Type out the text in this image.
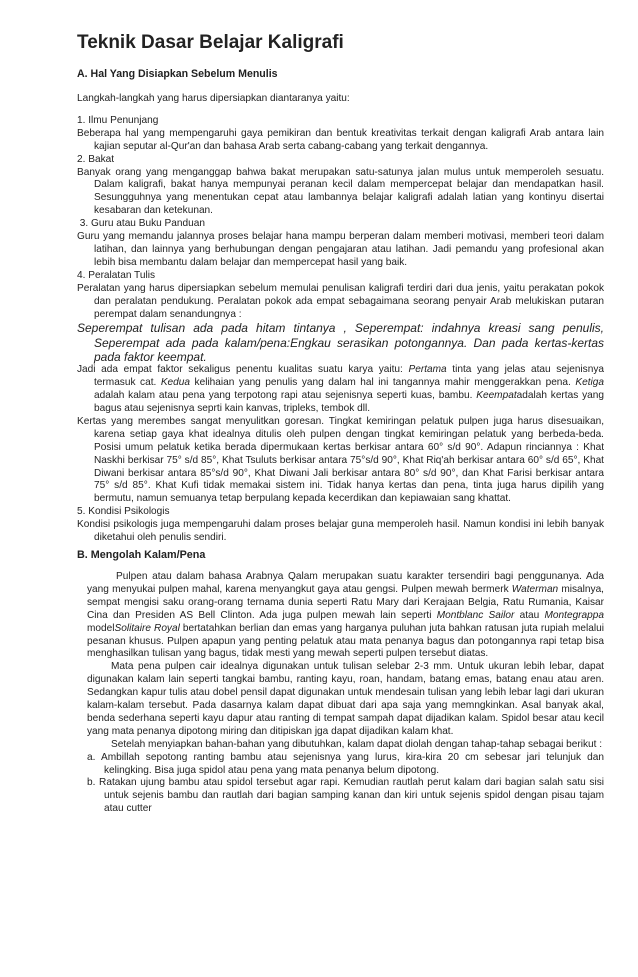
Teknik Dasar Belajar Kaligrafi
A. Hal Yang Disiapkan Sebelum Menulis

Langkah-langkah yang harus dipersiapkan diantaranya yaitu:

1. Ilmu Penunjang

Beberapa hal yang mempengaruhi gaya pemikiran dan bentuk kreativitas terkait dengan kaligrafi Arab antara lain kajian seputar al-Qur'an dan bahasa Arab serta cabang-cabang yang terkait dengannya.

2. Bakat

Banyak orang yang menganggap bahwa bakat merupakan satu-satunya jalan mulus untuk memperoleh sesuatu. Dalam kaligrafi, bakat hanya mempunyai peranan kecil dalam mempercepat belajar dan mendapatkan hasil. Sesungguhnya yang menentukan cepat atau lambannya belajar kaligrafi adalah latian yang kontinyu disertai kesabaran dan ketekunan.

3. Guru atau Buku Panduan

Guru yang memandu jalannya proses belajar hana mampu berperan dalam memberi motivasi, memberi teori dalam latihan, dan lainnya yang berhubungan dengan pengajaran atau latihan. Jadi pemandu yang profesional akan lebih bisa membantu dalam belajar dan mempercepat hasil yang baik.

4. Peralatan Tulis

Peralatan yang harus dipersiapkan sebelum memulai penulisan kaligrafi terdiri dari dua jenis, yaitu perakatan pokok dan peralatan pendukung. Peralatan pokok ada empat sebagaimana seorang penyair Arab melukiskan putaran perempat dalam senandungnya :

Seperempat tulisan ada pada hitam tintanya , Seperempat: indahnya kreasi sang penulis, Seperempat ada pada kalam/pena:Engkau serasikan potongannya. Dan pada kertas-kertas pada faktor keempat.

Jadi ada empat faktor sekaligus penentu kualitas suatu karya yaitu: Pertama tinta yang jelas atau sejenisnya termasuk cat. Kedua kelihaian yang penulis yang dalam hal ini tangannya mahir menggerakkan pena. Ketiga adalah kalam atau pena yang terpotong rapi atau sejenisnya seperti kuas, bambu. Keempatadalah kertas yang bagus atau sejenisnya seprti kain kanvas, tripleks, tembok dll.

Kertas yang merembes sangat menyulitkan goresan. Tingkat kemiringan pelatuk pulpen juga harus disesuaikan, karena setiap gaya khat idealnya ditulis oleh pulpen dengan tingkat kemiringan pelatuk yang berbeda-beda. Posisi umum pelatuk ketika berada dipermukaan kertas berkisar antara 60° s/d 90°. Adapun rinciannya : Khat Naskhi berkisar 75° s/d 85°, Khat Tsuluts berkisar antara 75°s/d 90°, Khat Riq'ah berkisar antara 60° s/d 65°, Khat Diwani berkisar antara 85°s/d 90°, Khat Diwani Jali berkisar antara 80° s/d 90°, dan Khat Farisi berkisar antara 75° s/d 85°. Khat Kufi tidak memakai sistem ini. Tidak hanya kertas dan pena, tinta juga harus dipilih yang bermutu, namun semuanya tetap berpulang kepada kecerdikan dan kepiawaian sang khattat.

5. Kondisi Psikologis

Kondisi psikologis juga mempengaruhi dalam proses belajar guna memperoleh hasil. Namun kondisi ini lebih banyak diketahui oleh penulis sendiri.

B. Mengolah Kalam/Pena

Pulpen atau dalam bahasa Arabnya Qalam merupakan suatu karakter tersendiri bagi penggunanya. Ada yang menyukai pulpen mahal, karena menyangkut gaya atau gengsi. Pulpen mewah bermerk Waterman misalnya, sempat mengisi saku orang-orang ternama dunia seperti Ratu Mary dari Kerajaan Belgia, Ratu Rumania, Kaisar Cina dan Presiden AS Bell Clinton. Ada juga pulpen mewah lain seperti Montblanc Sailor atau Montegrappa modelSolitaire Royal bertatahkan berlian dan emas yang harganya puluhan juta bahkan ratusan juta rupiah melalui pesanan khusus. Pulpen apapun yang penting pelatuk atau mata penanya bagus dan potongannya rapi tetap bisa menghasilkan tulisan yang bagus, tidak mesti yang mewah seperti pulpen tersebut diatas.

Mata pena pulpen cair idealnya digunakan untuk tulisan selebar 2-3 mm. Untuk ukuran lebih lebar, dapat digunakan kalam lain seperti tangkai bambu, ranting kayu, roan, handam, batang emas, batang enau atau aren. Sedangkan kapur tulis atau dobel pensil dapat digunakan untuk mendesain tulisan yang lebih lebar lagi dari ukuran kalam-kalam tersebut. Pada dasarnya kalam dapat dibuat dari apa saja yang memngkinkan. Asal banyak akal, benda sederhana seperti kayu dapur atau ranting di tempat sampah dapat dijadikan kalam. Spidol besar atau kecil yang mata penanya dipotong miring dan ditipiskan jga dapat dijadikan kalam khat.

Setelah menyiapkan bahan-bahan yang dibutuhkan, kalam dapat diolah dengan tahap-tahap sebagai berikut :

a. Ambillah sepotong ranting bambu atau sejenisnya yang lurus, kira-kira 20 cm sebesar jari telunjuk dan kelingking. Bisa juga spidol atau pena yang mata penanya belum dipotong.

b. Ratakan ujung bambu atau spidol tersebut agar rapi. Kemudian rautlah perut kalam dari bagian salah satu sisi untuk sejenis bambu dan rautlah dari bagian samping kanan dan kiri untuk sejenis spidol dengan pisau tajam atau cutter
